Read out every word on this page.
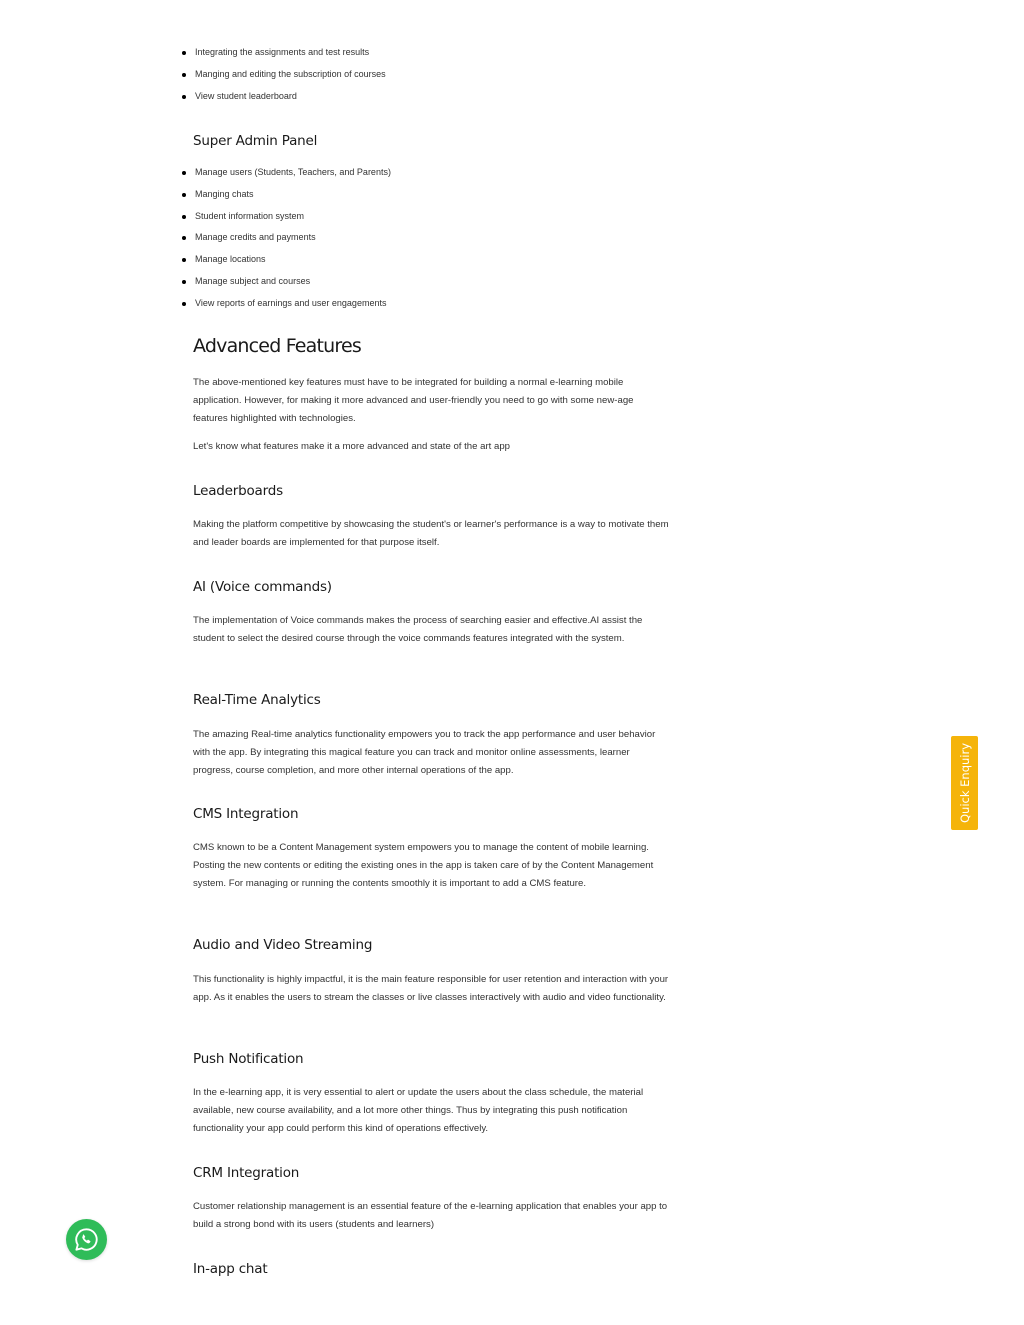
Integrating the assignments and test results
Manging and editing the subscription of courses
View student leaderboard
Super Admin Panel
Manage users (Students, Teachers, and Parents)
Manging chats
Student information system
Manage credits and payments
Manage locations
Manage subject and courses
View reports of earnings and user engagements
Advanced Features

The above-mentioned key features must have to be integrated for building a normal e-learning mobile application. However, for making it more advanced and user-friendly you need to go with some new-age features highlighted with technologies.

Let's know what features make it a more advanced and state of the art app

Leaderboards

Making the platform competitive by showcasing the student's or learner's performance is a way to motivate them and leader boards are implemented for that purpose itself.

AI (Voice commands)

The implementation of Voice commands makes the process of searching easier and effective.AI assist the student to select the desired course through the voice commands features integrated with the system.

Real-Time Analytics

The amazing Real-time analytics functionality empowers you to track the app performance and user behavior with the app. By integrating this magical feature you can track and monitor online assessments, learner progress, course completion, and more other internal operations of the app.

CMS Integration

CMS known to be a Content Management system empowers you to manage the content of mobile learning. Posting the new contents or editing the existing ones in the app is taken care of by the Content Management system. For managing or running the contents smoothly it is important to add a CMS feature.

Audio and Video Streaming

This functionality is highly impactful, it is the main feature responsible for user retention and interaction with your app. As it enables the users to stream the classes or live classes interactively with audio and video functionality.

Push Notification

In the e-learning app, it is very essential to alert or update the users about the class schedule, the material available, new course availability, and a lot more other things. Thus by integrating this push notification functionality your app could perform this kind of operations effectively.

CRM Integration

Customer relationship management is an essential feature of the e-learning application that enables your app to build a strong bond with its users (students and learners)

In-app chat
Quick Enquiry
